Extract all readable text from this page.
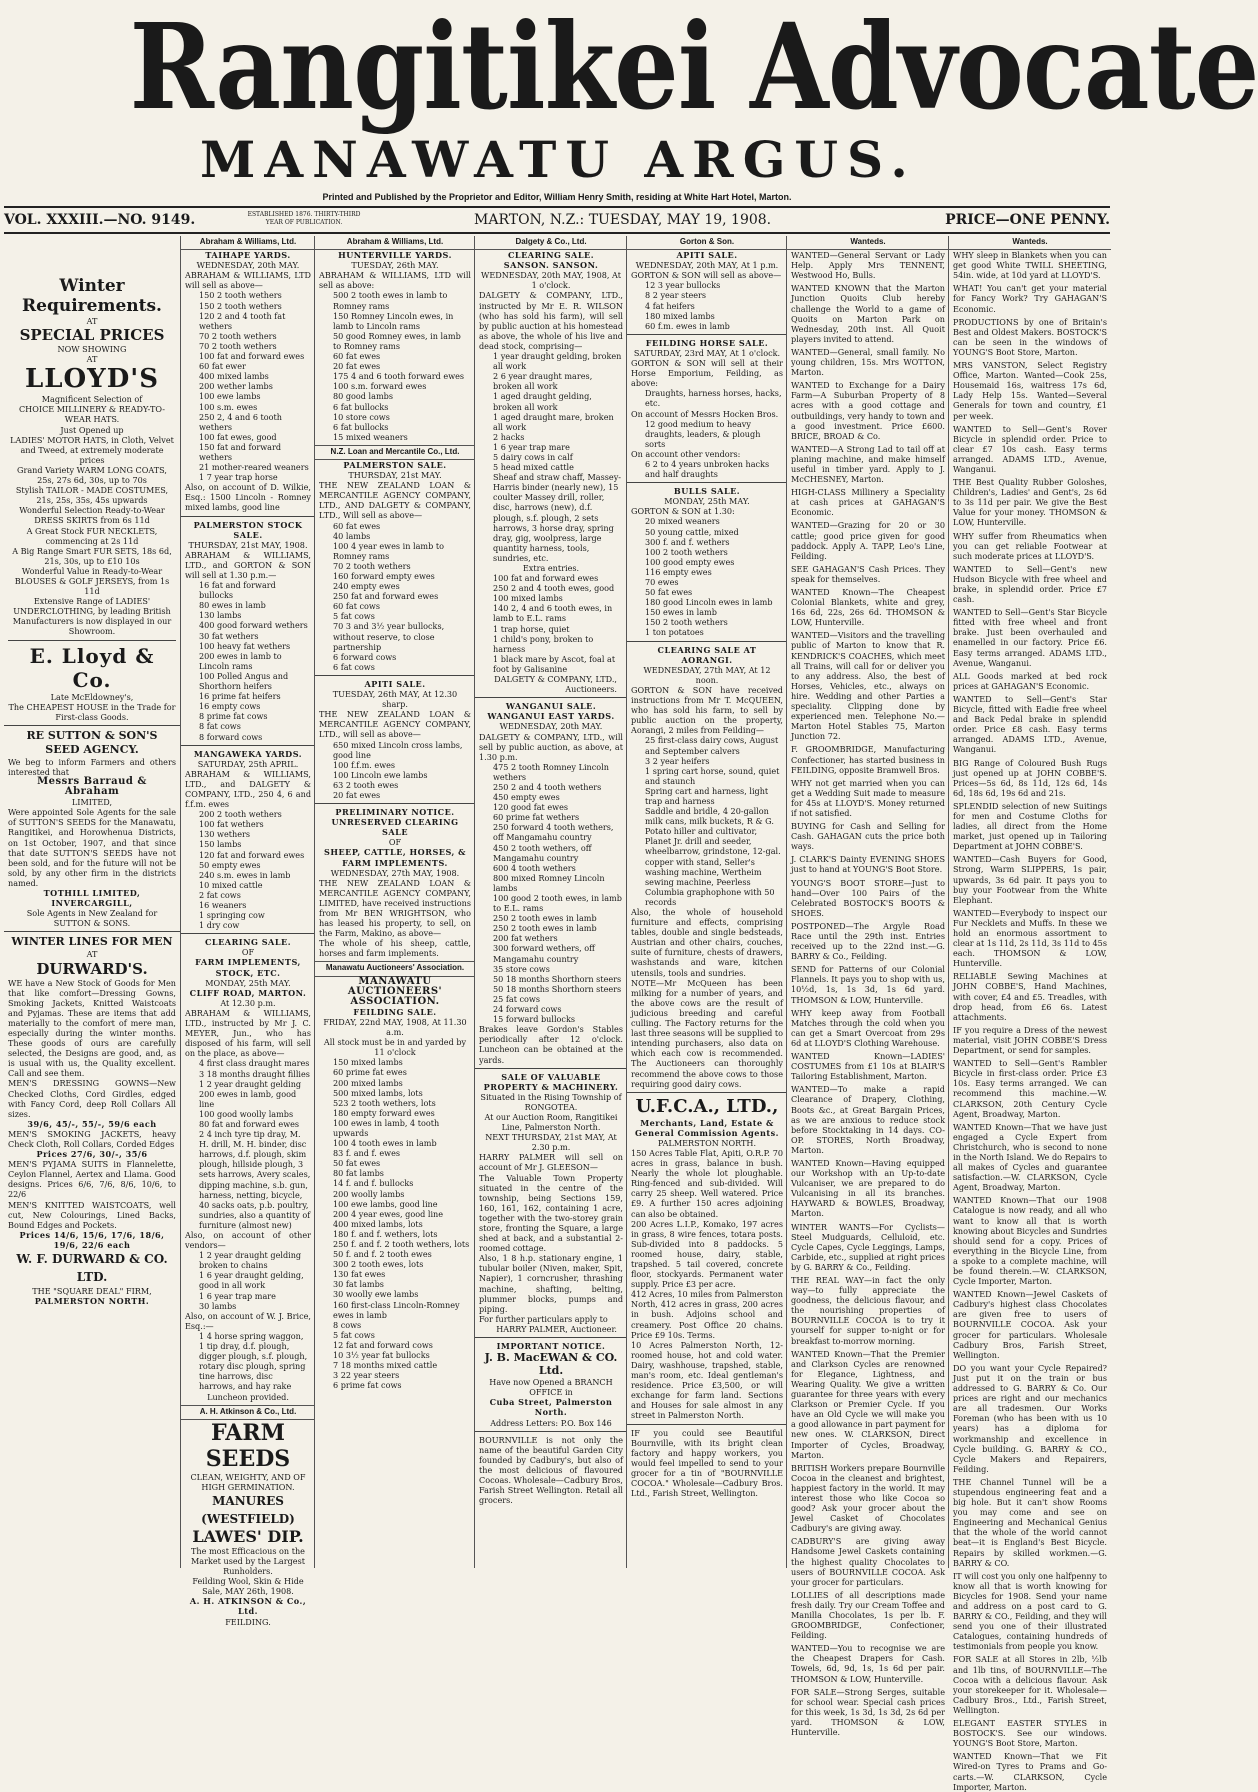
Rangitikei Advocate
MANAWATU ARGUS.
Printed and Published by the Proprietor and Editor, William Henry Smith, residing at White Hart Hotel, Marton.
VOL. XXXIII.—NO. 9149.	ESTABLISHED 1876. THIRTY-THIRD YEAR OF PUBLICATION.	MARTON, N.Z.: TUESDAY, MAY 19, 1908.	PRICE—ONE PENNY.
Winter Requirements.
AT
SPECIAL PRICES
NOW SHOWING
AT
LLOYD'S
Magnificent Selection of
CHOICE MILLINERY & READY-TO-WEAR HATS.
Just Opened up
LADIES' MOTOR HATS, in Cloth, Velvet and Tweed, at extremely moderate prices
Grand Variety WARM LONG COATS, 25s, 27s 6d, 30s, up to 70s
Stylish TAILOR - MADE COSTUMES, 21s, 25s, 35s, 45s upwards
Wonderful Selection Ready-to-Wear DRESS SKIRTS from 6s 11d
A Great Stock FUR NECKLETS, commencing at 2s 11d
A Big Range Smart FUR SETS, 18s 6d, 21s, 30s, up to £10 10s
Wonderful Value in Ready-to-Wear BLOUSES & GOLF JERSEYS, from 1s 11d
Extensive Range of LADIES' UNDERCLOTHING, by leading British Manufacturers is now displayed in our Showroom.
E. Lloyd & Co.
Late McEldowney's,
The CHEAPEST HOUSE in the Trade for First-class Goods.
RE SUTTON & SON'S SEED AGENCY.
We beg to inform Farmers and others interested that
Messrs Barraud & Abraham
LIMITED,
Were appointed Sole Agents for the sale of SUTTON'S SEEDS for the Manawatu, Rangitikei, and Horowhenua Districts, on 1st October, 1907, and that since that date SUTTON'S SEEDS have not been sold, and for the future will not be sold, by any other firm in the districts named.
TOTHILL LIMITED, INVERCARGILL,
Sole Agents in New Zealand for SUTTON & SONS.
WINTER LINES FOR MEN
AT
DURWARD'S.
WE have a New Stock of Goods for Men that like comfort—Dressing Gowns, Smoking Jackets, Knitted Waistcoats and Pyjamas. These are items that add materially to the comfort of mere man, especially during the winter months. These goods of ours are carefully selected, the Designs are good, and, as is usual with us, the Quality excellent. Call and see them.
MEN'S DRESSING GOWNS—New Checked Cloths, Cord Girdles, edged with Fancy Cord, deep Roll Collars All sizes.
39/6, 45/-, 55/-, 59/6 each
MEN'S SMOKING JACKETS, heavy Check Cloth, Roll Collars, Corded Edges
Prices 27/6, 30/-, 35/6
MEN'S PYJAMA SUITS in Flannelette, Ceylon Flannel, Aertex and Llama. Good designs. Prices 6/6, 7/6, 8/6, 10/6, to 22/6
MEN'S KNITTED WAISTCOATS, well cut, New Colourings, Lined Backs, Bound Edges and Pockets.
Prices 14/6, 15/6, 17/6, 18/6, 19/6, 22/6 each
W. F. DURWARD & CO. LTD.
THE "SQUARE DEAL" FIRM,
PALMERSTON NORTH.
Abraham & Williams, Ltd.
TAIHAPE YARDS.
WEDNESDAY, 20th MAY.
ABRAHAM & WILLIAMS, LTD will sell as above—
150 2 tooth wethers
150 2 tooth wethers
120 2 and 4 tooth fat wethers
70 2 tooth wethers
70 2 tooth wethers
100 fat and forward ewes
60 fat ewer
400 mixed lambs
200 wether lambs
100 ewe lambs
100 s.m. ewes
250 2, 4 and 6 tooth wethers
100 fat ewes, good
150 fat and forward wethers
21 mother-reared weaners
1 7 year trap horse
Also, on account of D. Wilkie, Esq.: 1500 Lincoln - Romney mixed lambs, good line
PALMERSTON STOCK SALE.
THURSDAY, 21st MAY, 1908.
ABRAHAM & WILLIAMS, LTD., and GORTON & SON will sell at 1.30 p.m.—
16 fat and forward bullocks
80 ewes in lamb
130 lambs
400 good forward wethers
30 fat wethers
100 heavy fat wethers
200 ewes in lamb to Lincoln rams
100 Polled Angus and Shorthorn heifers
16 prime fat heifers
16 empty cows
8 prime fat cows
8 fat cows
8 forward cows
MANGAWEKA YARDS.
SATURDAY, 25th APRIL.
ABRAHAM & WILLIAMS, LTD., and DALGETY & COMPANY, LTD., 250 4, 6 and f.f.m. ewes
200 2 tooth wethers
100 fat wethers
130 wethers
150 lambs
120 fat and forward ewes
50 empty ewes
240 s.m. ewes in lamb
10 mixed cattle
2 fat cows
16 weaners
1 springing cow
1 dry cow
CLEARING SALE.
OF
FARM IMPLEMENTS, STOCK, ETC.
MONDAY, 25th MAY.
CLIFF ROAD, MARTON.
At 12.30 p.m.
ABRAHAM & WILLIAMS, LTD., instructed by Mr J. C. MEYER, Jun., who has disposed of his farm, will sell on the place, as above—
4 first class draught mares
3 18 months draught fillies
1 2 year draught gelding
200 ewes in lamb, good line
100 good woolly lambs
80 fat and forward ewes
2 4 inch tyre tip dray, M. H. drill, M. H. binder, disc harrows, d.f. plough, skim plough, hillside plough, 3 sets harrows, Avery scales, dipping machine, s.b. gun, harness, netting, bicycle, 40 sacks oats, p.b. poultry, sundries, also a quantity of furniture (almost new)
Also, on account of other vendors—
1 2 year draught gelding broken to chains
1 6 year draught gelding, good in all work
1 6 year trap mare
30 lambs
Also, on account of W. J. Brice, Esq.:—
1 4 horse spring waggon, 1 tip dray, d.f. plough, digger plough, s.f. plough, rotary disc plough, spring tine harrows, disc harrows, and hay rake
Luncheon provided.
A. H. Atkinson & Co., Ltd.
FARM SEEDS
CLEAN, WEIGHTY, AND OF HIGH GERMINATION.
MANURES (WESTFIELD)
LAWES' DIP.
The most Efficacious on the Market used by the Largest Runholders.
Feilding Wool, Skin & Hide Sale, MAY 26th, 1908.
A. H. ATKINSON & Co., Ltd.
FEILDING.
Abraham & Williams, Ltd.
HUNTERVILLE YARDS.
TUESDAY, 26th MAY.
ABRAHAM & WILLIAMS, LTD will sell as above:
500 2 tooth ewes in lamb to Romney rams
150 Romney Lincoln ewes, in lamb to Lincoln rams
50 good Romney ewes, in lamb to Romney rams
60 fat ewes
20 fat ewes
175 4 and 6 tooth forward ewes
100 s.m. forward ewes
80 good lambs
6 fat bullocks
10 store cows
6 fat bullocks
15 mixed weaners
N.Z. Loan and Mercantile Co., Ltd.
PALMERSTON SALE.
THURSDAY, 21st MAY.
THE NEW ZEALAND LOAN & MERCANTILE AGENCY COMPANY, LTD., AND DALGETY & COMPANY, LTD., Will sell as above—
60 fat ewes
40 lambs
100 4 year ewes in lamb to Romney rams
70 2 tooth wethers
160 forward empty ewes
240 empty ewes
250 fat and forward ewes
60 fat cows
5 fat cows
70 3 and 3½ year bullocks, without reserve, to close partnership
6 forward cows
6 fat cows
APITI SALE.
TUESDAY, 26th MAY, At 12.30 sharp.
THE NEW ZEALAND LOAN & MERCANTILE AGENCY COMPANY, LTD., will sell as above—
650 mixed Lincoln cross lambs, good line
100 f.f.m. ewes
100 Lincoln ewe lambs
63 2 tooth ewes
20 fat ewes
PRELIMINARY NOTICE.
UNRESERVED CLEARING SALE
OF
SHEEP, CATTLE, HORSES, & FARM IMPLEMENTS.
WEDNESDAY, 27th MAY, 1908.
THE NEW ZEALAND LOAN & MERCANTILE AGENCY COMPANY, LIMITED, have received instructions from Mr BEN WRIGHTSON, who has leased his property, to sell, on the Farm, Makino, as above—
The whole of his sheep, cattle, horses and farm implements.
Manawatu Auctioneers' Association.
MANAWATU AUCTIONEERS' ASSOCIATION.
FEILDING SALE.
FRIDAY, 22nd MAY, 1908, At 11.30 a.m.
All stock must be in and yarded by 11 o'clock
150 mixed lambs
60 prime fat ewes
200 mixed lambs
500 mixed lambs, lots
523 2 tooth wethers, lots
180 empty forward ewes
100 ewes in lamb, 4 tooth upwards
100 4 tooth ewes in lamb
83 f. and f. ewes
50 fat ewes
80 fat lambs
14 f. and f. bullocks
200 woolly lambs
100 ewe lambs, good line
200 4 year ewes, good line
400 mixed lambs, lots
180 f. and f. wethers, lots
250 f. and f. 2 tooth wethers, lots
50 f. and f. 2 tooth ewes
300 2 tooth ewes, lots
130 fat ewes
30 fat lambs
30 woolly ewe lambs
160 first-class Lincoln-Romney ewes in lamb
8 cows
5 fat cows
12 fat and forward cows
10 3½ year fat bullocks
7 18 months mixed cattle
3 22 year steers
6 prime fat cows
Dalgety & Co., Ltd.
CLEARING SALE.
SANSON. SANSON.
WEDNESDAY, 20th MAY, 1908, At 1 o'clock.
DALGETY & COMPANY, LTD., instructed by Mr E. R. WILSON (who has sold his farm), will sell by public auction at his homestead as above, the whole of his live and dead stock, comprising—
1 year draught gelding, broken all work
2 6 year draught mares, broken all work
1 aged draught gelding, broken all work
1 aged draught mare, broken all work
2 hacks
1 6 year trap mare
5 dairy cows in calf
5 head mixed cattle
Sheaf and straw chaff, Massey-Harris binder (nearly new), 15 coulter Massey drill, roller, disc, harrows (new), d.f. plough, s.f. plough, 2 sets harrows, 3 horse dray, spring dray, gig, woolpress, large quantity harness, tools, sundries, etc.
Extra entries.
100 fat and forward ewes
250 2 and 4 tooth ewes, good
100 mixed lambs
140 2, 4 and 6 tooth ewes, in lamb to E.L. rams
1 trap horse, quiet
1 child's pony, broken to harness
1 black mare by Ascot, foal at foot by Galisanine
DALGETY & COMPANY, LTD., Auctioneers.
WANGANUI SALE.
WANGANUI EAST YARDS.
WEDNESDAY, 20th MAY.
DALGETY & COMPANY, LTD., will sell by public auction, as above, at 1.30 p.m.
475 2 tooth Romney Lincoln wethers
250 2 and 4 tooth wethers
450 empty ewes
120 good fat ewes
60 prime fat wethers
250 forward 4 tooth wethers, off Mangamahu country
450 2 tooth wethers, off Mangamahu country
600 4 tooth wethers
800 mixed Romney Lincoln lambs
100 good 2 tooth ewes, in lamb to E.L. rams
250 2 tooth ewes in lamb
250 2 tooth ewes in lamb
200 fat wethers
300 forward wethers, off Mangamahu country
35 store cows
50 18 months Shorthorn steers
50 18 months Shorthorn steers
25 fat cows
24 forward cows
15 forward bullocks
Brakes leave Gordon's Stables periodically after 12 o'clock. Luncheon can be obtained at the yards.
SALE OF VALUABLE PROPERTY & MACHINERY.
Situated in the Rising Township of RONGOTEA.
At our Auction Room, Rangitikei Line, Palmerston North.
NEXT THURSDAY, 21st MAY, At 2.30 p.m.
HARRY PALMER will sell on account of Mr J. GLEESON—
The Valuable Town Property situated in the centre of the township, being Sections 159, 160, 161, 162, containing 1 acre, together with the two-storey grain store, fronting the Square, a large shed at back, and a substantial 2-roomed cottage.
Also, 1 8 h.p. stationary engine, 1 tubular boiler (Niven, maker, Spit, Napier), 1 corncrusher, thrashing machine, shafting, belting, plummer blocks, pumps and piping.
For further particulars apply to
HARRY PALMER, Auctioneer.
IMPORTANT NOTICE.
J. B. MacEWAN & CO. Ltd.
Have now Opened a BRANCH OFFICE in
Cuba Street, Palmerston North.
Address Letters: P.O. Box 146
BOURNVILLE is not only the name of the beautiful Garden City founded by Cadbury's, but also of the most delicious of flavoured Cocoas. Wholesale—Cadbury Bros, Farish Street Wellington. Retail all grocers.
Gorton & Son.
APITI SALE.
WEDNESDAY, 20th MAY, At 1 p.m.
GORTON & SON will sell as above—
12 3 year bullocks
8 2 year steers
4 fat heifers
180 mixed lambs
60 f.m. ewes in lamb
FEILDING HORSE SALE.
SATURDAY, 23rd MAY, At 1 o'clock.
GORTON & SON will sell at their Horse Emporium, Feilding, as above:
Draughts, harness horses, hacks, etc.
On account of Messrs Hocken Bros.
12 good medium to heavy draughts, leaders, & plough sorts
On account other vendors:
6 2 to 4 years unbroken hacks and half draughts
BULLS SALE.
MONDAY, 25th MAY.
GORTON & SON at 1.30:
20 mixed weaners
50 young cattle, mixed
300 f. and f. wethers
100 2 tooth wethers
100 good empty ewes
116 empty ewes
70 ewes
50 fat ewes
180 good Lincoln ewes in lamb
150 ewes in lamb
150 2 tooth wethers
1 ton potatoes
CLEARING SALE AT AORANGI.
WEDNESDAY, 27th MAY, At 12 noon.
GORTON & SON have received instructions from Mr T. McQUEEN, who has sold his farm, to sell by public auction on the property, Aorangi, 2 miles from Feilding—
25 first-class dairy cows, August and September calvers
3 2 year heifers
1 spring cart horse, sound, quiet and staunch
Spring cart and harness, light trap and harness
Saddle and bridle, 4 20-gallon milk cans, milk buckets, R & G. Potato hiller and cultivator, Planet Jr. drill and seeder, wheelbarrow, grindstone, 12-gal. copper with stand, Seller's washing machine, Wertheim sewing machine, Peerless Columbia graphophone with 50 records
Also, the whole of household furniture and effects, comprising tables, double and single bedsteads, Austrian and other chairs, couches, suite of furniture, chests of drawers, washstands and ware, kitchen utensils, tools and sundries.
NOTE—Mr McQueen has been milking for a number of years, and the above cows are the result of judicious breeding and careful culling. The Factory returns for the last three seasons will be supplied to intending purchasers, also data on which each cow is recommended. The Auctioneers can thoroughly recommend the above cows to those requiring good dairy cows.
U.F.C.A., LTD.,
Merchants, Land, Estate & General Commission Agents.
PALMERSTON NORTH.
150 Acres Table Flat, Apiti, O.R.P. 70 acres in grass, balance in bush. Nearly the whole lot ploughable. Ring-fenced and sub-divided. Will carry 25 sheep. Well watered. Price £9. A further 150 acres adjoining can also be obtained.
200 Acres L.I.P., Komako, 197 acres in grass, 8 wire fences, totara posts. Sub-divided into 8 paddocks. 5 roomed house, dairy, stable, trapshed. 5 tail covered, concrete floor, stockyards. Permanent water supply. Price £3 per acre.
412 Acres, 10 miles from Palmerston North, 412 acres in grass, 200 acres in bush. Adjoins school and creamery. Post Office 20 chains. Price £9 10s. Terms.
10 Acres Palmerston North, 12-roomed house, hot and cold water. Dairy, washhouse, trapshed, stable, man's room, etc. Ideal gentleman's residence. Price £3,500, or will exchange for farm land. Sections and Houses for sale almost in any street in Palmerston North.
IF you could see Beautiful Bournville, with its bright clean factory and happy workers, you would feel impelled to send to your grocer for a tin of "BOURNVILLE COCOA." Wholesale—Cadbury Bros. Ltd., Farish Street, Wellington.
Wanteds.
WANTED—General Servant or Lady Help. Apply Mrs TENNENT, Westwood Ho, Bulls.
WANTED KNOWN that the Marton Junction Quoits Club hereby challenge the World to a game of Quoits on Marton Park on Wednesday, 20th inst. All Quoit players invited to attend.
WANTED—General, small family. No young children, 15s. Mrs WOTTON, Marton.
WANTED to Exchange for a Dairy Farm—A Suburban Property of 8 acres with a good cottage and outbuildings, very handy to town and a good investment. Price £600. BRICE, BROAD & Co.
WANTED—A Strong Lad to tail off at planing machine, and make himself useful in timber yard. Apply to J. McCHESNEY, Marton.
HIGH-CLASS Millinery a Speciality at cash prices at GAHAGAN'S Economic.
WANTED—Grazing for 20 or 30 cattle; good price given for good paddock. Apply A. TAPP, Leo's Line, Feilding.
SEE GAHAGAN'S Cash Prices. They speak for themselves.
WANTED Known—The Cheapest Colonial Blankets, white and grey, 16s 6d, 22s, 26s 6d. THOMSON & LOW, Hunterville.
WANTED—Visitors and the travelling public of Marton to know that R. KENDRICK'S COACHES, which meet all Trains, will call for or deliver you to any address. Also, the best of Horses, Vehicles, etc., always on hire. Wedding and other Parties a speciality. Clipping done by experienced men. Telephone No.—Marton Hotel Stables 75, Marton Junction 72.
F. GROOMBRIDGE, Manufacturing Confectioner, has started business in FEILDING, opposite Bramwell Bros.
WHY not get married when you can get a Wedding Suit made to measure for 45s at LLOYD'S. Money returned if not satisfied.
BUYING for Cash and Selling for Cash. GAHAGAN cuts the price both ways.
J. CLARK'S Dainty EVENING SHOES just to hand at YOUNG'S Boot Store.
YOUNG'S BOOT STORE—Just to hand—Over 100 Pairs of the Celebrated BOSTOCK'S BOOTS & SHOES.
POSTPONED—The Argyle Road Race until the 29th inst. Entries received up to the 22nd inst.—G. BARRY & Co., Feilding.
SEND for Patterns of our Colonial Flannels. It pays you to shop with us, 10½d, 1s, 1s 3d, 1s 6d yard. THOMSON & LOW, Hunterville.
WHY keep away from Football Matches through the cold when you can get a Smart Overcoat from 29s 6d at LLOYD'S Clothing Warehouse.
WANTED Known—LADIES' COSTUMES from £1 10s at BLAIR'S Tailoring Establishment, Marton.
WANTED—To make a rapid Clearance of Drapery, Clothing, Boots &c., at Great Bargain Prices, as we are anxious to reduce stock before Stocktaking in 14 days. CO-OP. STORES, North Broadway, Marton.
WANTED Known—Having equipped our Workshop with an Up-to-date Vulcaniser, we are prepared to do Vulcanising in all its branches. HAYWARD & BOWLES, Broadway, Marton.
WINTER WANTS—For Cyclists—Steel Mudguards, Celluloid, etc. Cycle Capes, Cycle Leggings, Lamps, Carbide, etc., supplied at right prices by G. BARRY & Co., Feilding.
THE REAL WAY—in fact the only way—to fully appreciate the goodness, the delicious flavour, and the nourishing properties of BOURNVILLE COCOA is to try it yourself for supper to-night or for breakfast to-morrow morning.
WANTED Known—That the Premier and Clarkson Cycles are renowned for Elegance, Lightness, and Wearing Quality. We give a written guarantee for three years with every Clarkson or Premier Cycle. If you have an Old Cycle we will make you a good allowance in part payment for new ones. W. CLARKSON, Direct Importer of Cycles, Broadway, Marton.
BRITISH Workers prepare Bournville Cocoa in the cleanest and brightest, happiest factory in the world. It may interest those who like Cocoa so good? Ask your grocer about the Jewel Casket of Chocolates Cadbury's are giving away.
CADBURY'S are giving away Handsome Jewel Caskets containing the highest quality Chocolates to users of BOURNVILLE COCOA. Ask your grocer for particulars.
LOLLIES of all descriptions made fresh daily. Try our Cream Toffee and Manilla Chocolates, 1s per lb. F. GROOMBRIDGE, Confectioner, Feilding.
WANTED—You to recognise we are the Cheapest Drapers for Cash. Towels, 6d, 9d, 1s, 1s 6d per pair. THOMSON & LOW, Hunterville.
FOR SALE—Strong Serges, suitable for school wear. Special cash prices for this week, 1s 3d, 1s 3d, 2s 6d per yard. THOMSON & LOW, Hunterville.
Wanteds.
WHY sleep in Blankets when you can get good White TWILL SHEETING, 54in. wide, at 10d yard at LLOYD'S.
WHAT! You can't get your material for Fancy Work? Try GAHAGAN'S Economic.
PRODUCTIONS by one of Britain's Best and Oldest Makers. BOSTOCK'S can be seen in the windows of YOUNG'S Boot Store, Marton.
MRS VANSTON, Select Registry Office, Marton. Wanted—Cook 25s, Housemaid 16s, waitress 17s 6d, Lady Help 15s. Wanted—Several Generals for town and country, £1 per week.
WANTED to Sell—Gent's Rover Bicycle in splendid order. Price to clear £7 10s cash. Easy terms arranged. ADAMS LTD., Avenue, Wanganui.
THE Best Quality Rubber Goloshes, Children's, Ladies' and Gent's, 2s 6d to 3s 11d per pair. We give the Best Value for your money. THOMSON & LOW, Hunterville.
WHY suffer from Rheumatics when you can get reliable Footwear at such moderate prices at LLOYD'S.
WANTED to Sell—Gent's new Hudson Bicycle with free wheel and brake, in splendid order. Price £7 cash.
WANTED to Sell—Gent's Star Bicycle fitted with free wheel and front brake. Just been overhauled and enamelled in our factory. Price £6. Easy terms arranged. ADAMS LTD., Avenue, Wanganui.
ALL Goods marked at bed rock prices at GAHAGAN'S Economic.
WANTED to Sell—Gent's Star Bicycle, fitted with Eadie free wheel and Back Pedal brake in splendid order. Price £8 cash. Easy terms arranged. ADAMS LTD., Avenue, Wanganui.
BIG Range of Coloured Bush Rugs just opened up at JOHN COBBE'S. Prices—5s 6d, 8s 11d, 12s 6d, 14s 6d, 18s 6d, 19s 6d and 21s.
SPLENDID selection of new Suitings for men and Costume Cloths for ladies, all direct from the Home market, just opened up in Tailoring Department at JOHN COBBE'S.
WANTED—Cash Buyers for Good, Strong, Warm SLIPPERS, 1s pair, upwards, 3s 6d pair. It pays you to buy your Footwear from the White Elephant.
WANTED—Everybody to inspect our Fur Necklets and Muffs. In these we hold an enormous assortment to clear at 1s 11d, 2s 11d, 3s 11d to 45s each. THOMSON & LOW, Hunterville.
RELIABLE Sewing Machines at JOHN COBBE'S, Hand Machines, with cover, £4 and £5. Treadles, with drop head, from £6 6s. Latest attachments.
IF you require a Dress of the newest material, visit JOHN COBBE'S Dress Department, or send for samples.
WANTED to Sell—Gent's Rambler Bicycle in first-class order. Price £3 10s. Easy terms arranged. We can recommend this machine.—W. CLARKSON, 20th Century Cycle Agent, Broadway, Marton.
WANTED Known—That we have just engaged a Cycle Expert from Christchurch, who is second to none in the North Island. We do Repairs to all makes of Cycles and guarantee satisfaction.—W. CLARKSON, Cycle Agent, Broadway, Marton.
WANTED Known—That our 1908 Catalogue is now ready, and all who want to know all that is worth knowing about Bicycles and Sundries should send for a copy. Prices of everything in the Bicycle Line, from a spoke to a complete machine, will be found therein.—W. CLARKSON, Cycle Importer, Marton.
WANTED Known—Jewel Caskets of Cadbury's highest class Chocolates are given free to users of BOURNVILLE COCOA. Ask your grocer for particulars. Wholesale Cadbury Bros, Farish Street, Wellington.
DO you want your Cycle Repaired? Just put it on the train or bus addressed to G. BARRY & Co. Our prices are right and our mechanics are all tradesmen. Our Works Foreman (who has been with us 10 years) has a diploma for workmanship and excellence in Cycle building. G. BARRY & CO., Cycle Makers and Repairers, Feilding.
THE Channel Tunnel will be a stupendous engineering feat and a big hole. But it can't show Rooms you may come and see on Engineering and Mechanical Genius that the whole of the world cannot beat—it is England's Best Bicycle. Repairs by skilled workmen.—G. BARRY & CO.
IT will cost you only one halfpenny to know all that is worth knowing for Bicycles for 1908. Send your name and address on a post card to G. BARRY & CO., Feilding, and they will send you one of their illustrated Catalogues, containing hundreds of testimonials from people you know.
FOR SALE at all Stores in 2lb, ½lb and 1lb tins, of BOURNVILLE—The Cocoa with a delicious flavour. Ask your storekeeper for it. Wholesale—Cadbury Bros., Ltd., Farish Street, Wellington.
ELEGANT EASTER STYLES in BOSTOCK'S. See our windows. YOUNG'S Boot Store, Marton.
WANTED Known—That we Fit Wired-on Tyres to Prams and Go-carts.—W. CLARKSON, Cycle Importer, Marton.
